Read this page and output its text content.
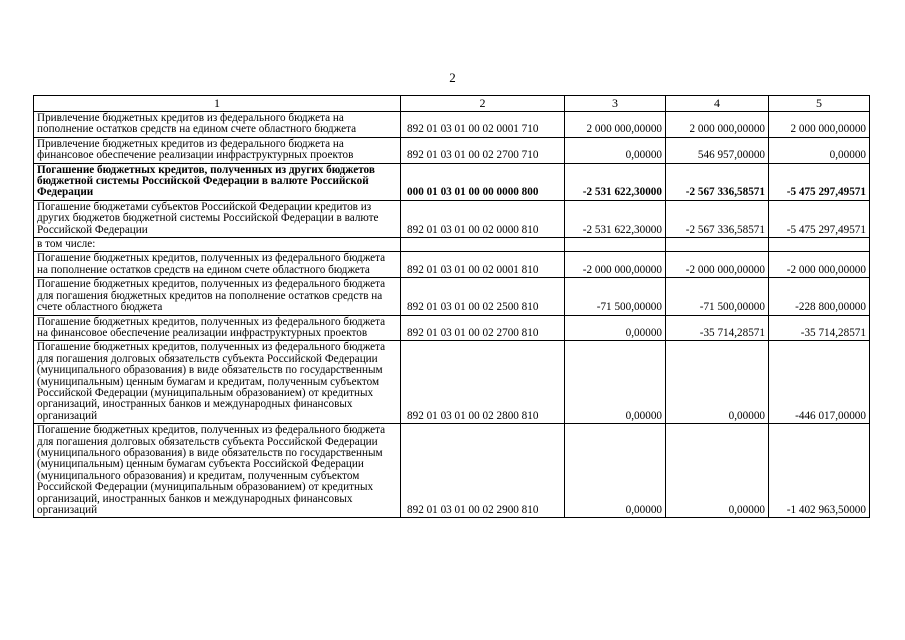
2
1	2	3	4	5
Привлечение бюджетных кредитов из федерального бюджета на пополнение остатков средств на едином счете областного бюджета	892 01 03 01 00 02 0001 710	2 000 000,00000	2 000 000,00000	2 000 000,00000
Привлечение бюджетных кредитов из федерального бюджета на финансовое обеспечение реализации инфраструктурных проектов	892 01 03 01 00 02 2700 710	0,00000	546 957,00000	0,00000
Погашение бюджетных кредитов, полученных из других бюджетов бюджетной системы Российской Федерации в валюте Российской Федерации	000 01 03 01 00 00 0000 800	-2 531 622,30000	-2 567 336,58571	-5 475 297,49571
Погашение бюджетами субъектов Российской Федерации кредитов из других бюджетов бюджетной системы Российской Федерации в валюте Российской Федерации	892 01 03 01 00 02 0000 810	-2 531 622,30000	-2 567 336,58571	-5 475 297,49571
в том числе:				
Погашение бюджетных кредитов, полученных из федерального бюджета на пополнение остатков средств на едином счете областного бюджета	892 01 03 01 00 02 0001 810	-2 000 000,00000	-2 000 000,00000	-2 000 000,00000
Погашение бюджетных кредитов, полученных из федерального бюджета для погашения бюджетных кредитов на пополнение остатков средств на счете областного бюджета	892 01 03 01 00 02 2500 810	-71 500,00000	-71 500,00000	-228 800,00000
Погашение бюджетных кредитов, полученных из федерального бюджета на финансовое обеспечение реализации инфраструктурных проектов	892 01 03 01 00 02 2700 810	0,00000	-35 714,28571	-35 714,28571
Погашение бюджетных кредитов, полученных из федерального бюджета для погашения долговых обязательств субъекта Российской Федерации (муниципального образования) в виде обязательств по государственным (муниципальным) ценным бумагам и кредитам, полученным субъектом Российской Федерации (муниципальным образованием) от кредитных организаций, иностранных банков и международных финансовых организаций	892 01 03 01 00 02 2800 810	0,00000	0,00000	-446 017,00000
Погашение бюджетных кредитов, полученных из федерального бюджета для погашения долговых обязательств субъекта Российской Федерации (муниципального образования) в виде обязательств по государственным (муниципальным) ценным бумагам субъекта Российской Федерации (муниципального образования) и кредитам, полученным субъектом Российской Федерации (муниципальным образованием) от кредитных организаций, иностранных банков и международных финансовых организаций	892 01 03 01 00 02 2900 810	0,00000	0,00000	-1 402 963,50000
